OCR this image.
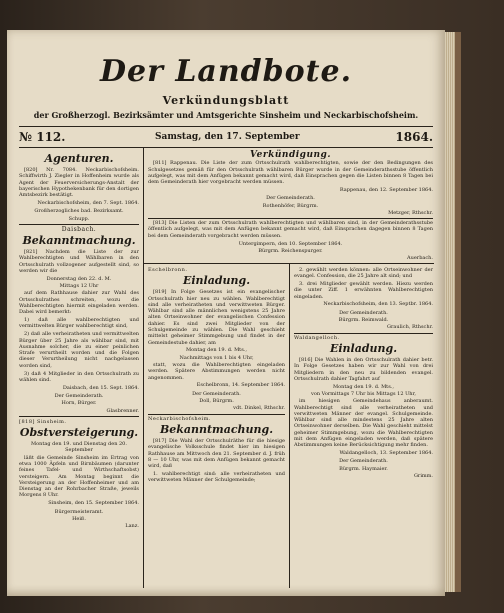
Der Landbote.
Verkündungsblatt
der Großherzogl. Bezirksämter und Amtsgerichte Sinsheim und Neckarbischofsheim.
№ 112.	Samstag, den 17. September	1864.
Agenturen.

[820] Nr. 7084. Neckarbischofsheim. Schiffwirth J. Ziegler in Hoffenheim wurde als Agent der Feuerversicherungs-Anstalt der bayerischen Hypothekenbank für den dortigen Amtsbezirk bestätigt.

Neckarbischofsheim, den 7. Sept. 1864.
Großherzogliches bad. Bezirksamt.
Schupp.
Daisbach.
Bekanntmachung.

[821] Nachdem die Liste der zur Wahlberechtigten und Wählbaren in den Ortsschulrath vollzogener aufgestellt sind, so werden wir die

Donnerstag den 22. d. M.
Mittags 12 Uhr

auf dem Rathhause dahier zur Wahl des Ortsschulrathes schreiten, wozu die Wahlberechtigten hiermit eingeladen werden. Dabei wird bemerkt:

1) daß alle wahlberechtigten und vermittwelten Bürger wahlberechtigt sind,

2) daß alle verheiratheten und vermittwelten Bürger über 25 Jahre als wählbar sind, mit Ausnahme solcher, die zu einer peinlichen Strafe verurtheilt worden und die Folgen dieser Verurtheilung nicht nachgelassen worden sind,

3) daß 4 Mitglieder in den Ortsschulrath zu wählen sind.

Daisbach, den 15. Sept. 1864.
Der Gemeinderath.
Horn, Bürger.
Glasbrenner.
[818] Sinsheim.
Obstversteigerung.
Montag den 19. und Dienstag den 20. September

läßt die Gemeinde Sinsheim im Ertrag von etwa 1000 Äpfeln und Birnbäumen (darunter feines Tafel- und Wirthschaftsobst) versteigern. Am Montag beginnt die Versteigerung an der Hoffenheimer und am Dienstag an der Rohrbacher Straße, jeweils Morgens 8 Uhr.

Sinsheim, den 15. September 1864.
Bürgermeisteramt.
Heiß.
Lanz.
Verkündigung.

[811] Rappenau. Die Liste der zum Ortsschulrath wahlberechtigten, sowie der den Bedingungen des Schulgesetzes gemäß für den Ortsschulrath wählbaren Bürger wurde in der Gemeinderathsstube öffentlich aufgelegt, was mit dem Anfügen bekannt gemacht wird, daß Einsprachen gegen die Listen binnen 8 Tagen bei dem Gemeinderath hier vorgebracht werden müssen.

Rappenau, den 12. September 1864.
Der Gemeinderath.
Rothenhöfer, Bürgrm.
Metzger, Rthschr.

[813] Die Listen der zum Ortsschulrath wahlberechtigten und wählbaren sind, in der Gemeinderathsstube öffentlich aufgelegt, was mit dem Anfügen bekannt gemacht wird, daß Einsprachen dagegen binnen 8 Tagen bei dem Gemeinderath vorgebracht werden müssen.

Untergimpern, den 10. September 1864.
Bürgrm. Reichenspurger.
Auerbach.
Eschelbronn.
Einladung.

[819] In Folge Gesetzes ist ein evangelischer Ortsschulrath hier neu zu wählen. Wahlberechtigt sind alle verheiratheten und verwittweten Bürger. Wählbar sind alle männlichen wenigstens 25 Jahre alten Ortseinwohner der evangelischen Confession dahier. Es sind zwei Mitglieder von der Schulgemeinde zu wählen. Die Wahl geschieht mittelst geheimer Stimmgebung und findet in der Gemeindestube dahier, am

Montag den 19. d. Mts.,
Nachmittags von 1 bis 4 Uhr,

statt, wozu die Wahlberechtigten eingeladen werden. Spätere Abstimmungen werden nicht angenommen.

Eschelbronn, 14. September 1864.
Der Gemeinderath.
Doll, Bürgrm.
vdt. Dinkel, Rthschr.
Neckarbischofsheim.
Bekanntmachung.

[817] Die Wahl der Ortsschulräthe für die hiesige evangelische Volksschule findet hier im hiesigen Rathhause am Mittwoch den 21. September d. J. früh 8 — 10 Uhr, was mit dem Anfügen bekannt gemacht wird, daß

1. wahlberechtigt sind: alle verheiratheten und verwittweten Männer der Schulgemeinde;

2. gewählt werden können: alle Ortseinwohner der evangel. Confession, die 25 Jahre alt sind; und

3. drei Mitglieder gewählt werden. Hiezu werden die unter Ziff. 1 erwähnten Wahlberechtigten eingeladen.

Neckarbischofsheim, den 13. Septbr. 1864.
Der Gemeinderath.
Bürgrm. Reimwald.
Graulich, Rthschr.
Waldangelloch.
Einladung.

[816] Die Wahlen in den Ortsschulrath dahier betr. In Folge Gesetzes haben wir zur Wahl von drei Mitgliedern in den neu zu bildenden evangel. Ortsschulrath dahier Tagfahrt auf

Montag den 19. d. Mts.,
von Vormittags 7 Uhr bis Mittags 12 Uhr,

im hiesigen Gemeindehaus anberaumt. Wahlberechtigt sind alle verheiratheten und verwittweten Männer der evangel. Schulgemeinde. Wählbar sind alle mindestens 25 Jahre alten Ortseinwohner derselben. Die Wahl geschieht mittelst geheimer Stimmgebung, wozu die Wahlberechtigten mit dem Anfügen eingeladen werden, daß spätere Abstimmungen keine Berücksichtigung mehr finden.

Waldangelloch, 13. September 1864.
Der Gemeinderath.
Bürgrm. Haymaier.
Grimm.
